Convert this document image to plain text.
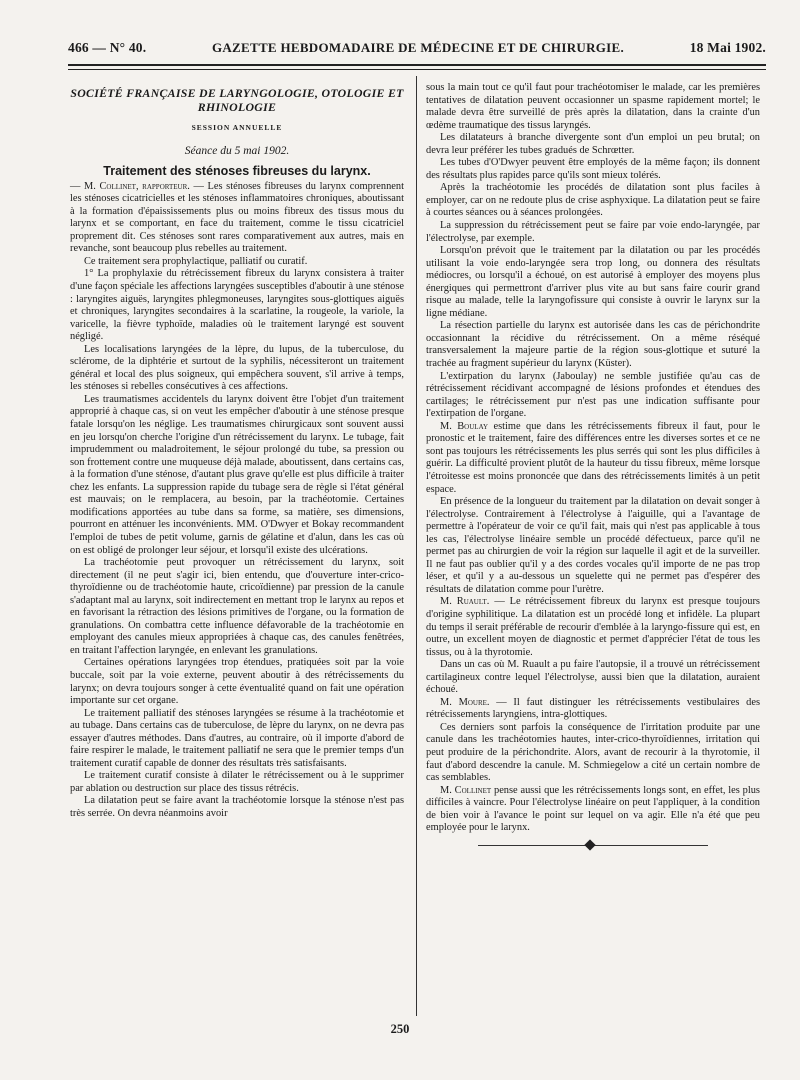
466 — N° 40.	GAZETTE HEBDOMADAIRE DE MÉDECINE ET DE CHIRURGIE.	18 Mai 1902.
SOCIÉTÉ FRANÇAISE DE LARYNGOLOGIE, OTOLOGIE ET RHINOLOGIE
SESSION ANNUELLE
Séance du 5 mai 1902.
Traitement des sténoses fibreuses du larynx.

— M. Collinet, rapporteur. — Les sténoses fibreuses du larynx comprennent les sténoses cicatricielles et les sténoses inflammatoires chroniques, aboutissant à la formation d'épaississements plus ou moins fibreux des tissus mous du larynx et se comportant, en face du traitement, comme le tissu cicatriciel proprement dit. Ces sténoses sont rares comparativement aux autres, mais en revanche, sont beaucoup plus rebelles au traitement.

Ce traitement sera prophylactique, palliatif ou curatif.

1° La prophylaxie du rétrécissement fibreux du larynx consistera à traiter d'une façon spéciale les affections laryngées susceptibles d'aboutir à une sténose : laryngites aiguës, laryngites phlegmoneuses, laryngites sous-glottiques aiguës et chroniques, laryngites secondaires à la scarlatine, la rougeole, la variole, la varicelle, la fièvre typhoïde, maladies où le traitement laryngé est souvent négligé.

Les localisations laryngées de la lèpre, du lupus, de la tuberculose, du sclérome, de la diphtérie et surtout de la syphilis, nécessiteront un traitement général et local des plus soigneux, qui empêchera souvent, s'il arrive à temps, les sténoses si rebelles consécutives à ces affections.

Les traumatismes accidentels du larynx doivent être l'objet d'un traitement approprié à chaque cas, si on veut les empêcher d'aboutir à une sténose presque fatale lorsqu'on les néglige. Les traumatismes chirurgicaux sont souvent aussi en jeu lorsqu'on cherche l'origine d'un rétrécissement du larynx. Le tubage, fait imprudemment ou maladroitement, le séjour prolongé du tube, sa pression ou son frottement contre une muqueuse déjà malade, aboutissent, dans certains cas, à la formation d'une sténose, d'autant plus grave qu'elle est plus difficile à traiter chez les enfants. La suppression rapide du tubage sera de règle si l'état général est mauvais; on le remplacera, au besoin, par la trachéotomie. Certaines modifications apportées au tube dans sa forme, sa matière, ses dimensions, pourront en atténuer les inconvénients. MM. O'Dwyer et Bokay recommandent l'emploi de tubes de petit volume, garnis de gélatine et d'alun, dans les cas où on est obligé de prolonger leur séjour, et lorsqu'il existe des ulcérations.

La trachéotomie peut provoquer un rétrécissement du larynx, soit directement (il ne peut s'agir ici, bien entendu, que d'ouverture inter-crico-thyroïdienne ou de trachéotomie haute, cricoïdienne) par pression de la canule s'adaptant mal au larynx, soit indirectement en mettant trop le larynx au repos et en favorisant la rétraction des lésions primitives de l'organe, ou la formation de granulations. On combattra cette influence défavorable de la trachéotomie en employant des canules mieux appropriées à chaque cas, des canules fenêtrées, en traitant l'affection laryngée, en enlevant les granulations.

Certaines opérations laryngées trop étendues, pratiquées soit par la voie buccale, soit par la voie externe, peuvent aboutir à des rétrécissements du larynx; on devra toujours songer à cette éventualité quand on fait une opération importante sur cet organe.

Le traitement palliatif des sténoses laryngées se résume à la trachéotomie et au tubage. Dans certains cas de tuberculose, de lèpre du larynx, on ne devra pas essayer d'autres méthodes. Dans d'autres, au contraire, où il importe d'abord de faire respirer le malade, le traitement palliatif ne sera que le premier temps d'un traitement curatif capable de donner des résultats très satisfaisants.

Le traitement curatif consiste à dilater le rétrécissement ou à le supprimer par ablation ou destruction sur place des tissus rétrécis.

La dilatation peut se faire avant la trachéotomie lorsque la sténose n'est pas très serrée. On devra néanmoins avoir

sous la main tout ce qu'il faut pour trachéotomiser le malade, car les premières tentatives de dilatation peuvent occasionner un spasme rapidement mortel; le malade devra être surveillé de près après la dilatation, dans la crainte d'un œdème traumatique des tissus laryngés.

Les dilatateurs à branche divergente sont d'un emploi un peu brutal; on devra leur préférer les tubes gradués de Schrœtter.

Les tubes d'O'Dwyer peuvent être employés de la même façon; ils donnent des résultats plus rapides parce qu'ils sont mieux tolérés.

Après la trachéotomie les procédés de dilatation sont plus faciles à employer, car on ne redoute plus de crise asphyxique. La dilatation peut se faire à courtes séances ou à séances prolongées.

La suppression du rétrécissement peut se faire par voie endo-laryngée, par l'électrolyse, par exemple.

Lorsqu'on prévoit que le traitement par la dilatation ou par les procédés utilisant la voie endo-laryngée sera trop long, ou donnera des résultats médiocres, ou lorsqu'il a échoué, on est autorisé à employer des moyens plus énergiques qui permettront d'arriver plus vite au but sans faire courir grand risque au malade, telle la laryngofissure qui consiste à ouvrir le larynx sur la ligne médiane.

La résection partielle du larynx est autorisée dans les cas de périchondrite occasionnant la récidive du rétrécissement. On a même réséqué transversalement la majeure partie de la région sous-glottique et suturé la trachée au fragment supérieur du larynx (Küster).

L'extirpation du larynx (Jaboulay) ne semble justifiée qu'au cas de rétrécissement récidivant accompagné de lésions profondes et étendues des cartilages; le rétrécissement pur n'est pas une indication suffisante pour l'extirpation de l'organe.

M. Boulay estime que dans les rétrécissements fibreux il faut, pour le pronostic et le traitement, faire des différences entre les diverses sortes et ce ne sont pas toujours les rétrécissements les plus serrés qui sont les plus difficiles à guérir. La difficulté provient plutôt de la hauteur du tissu fibreux, même lorsque l'étroitesse est moins prononcée que dans des rétrécissements limités à un petit espace.

En présence de la longueur du traitement par la dilatation on devait songer à l'électrolyse. Contrairement à l'électrolyse à l'aiguille, qui a l'avantage de permettre à l'opérateur de voir ce qu'il fait, mais qui n'est pas applicable à tous les cas, l'électrolyse linéaire semble un procédé défectueux, parce qu'il ne permet pas au chirurgien de voir la région sur laquelle il agit et de la surveiller. Il ne faut pas oublier qu'il y a des cordes vocales qu'il importe de ne pas trop léser, et qu'il y a au-dessous un squelette qui ne permet pas d'espérer des résultats de dilatation comme pour l'urètre.

M. Ruault. — Le rétrécissement fibreux du larynx est presque toujours d'origine syphilitique. La dilatation est un procédé long et infidèle. La plupart du temps il serait préférable de recourir d'emblée à la laryngo-fissure qui est, en outre, un excellent moyen de diagnostic et permet d'apprécier l'état de tous les tissus, ou à la thyrotomie.

Dans un cas où M. Ruault a pu faire l'autopsie, il a trouvé un rétrécissement cartilagineux contre lequel l'électrolyse, aussi bien que la dilatation, auraient échoué.

M. Moure. — Il faut distinguer les rétrécissements vestibulaires des rétrécissements laryngiens, intra-glottiques.

Ces derniers sont parfois la conséquence de l'irritation produite par une canule dans les trachéotomies hautes, inter-crico-thyroïdiennes, irritation qui peut produire de la périchondrite. Alors, avant de recourir à la thyrotomie, il faut d'abord descendre la canule. M. Schmiegelow a cité un certain nombre de cas semblables.

M. Collinet pense aussi que les rétrécissements longs sont, en effet, les plus difficiles à vaincre. Pour l'électrolyse linéaire on peut l'appliquer, à la condition de bien voir à l'avance le point sur lequel on va agir. Elle n'a été que peu employée pour le larynx.

250
